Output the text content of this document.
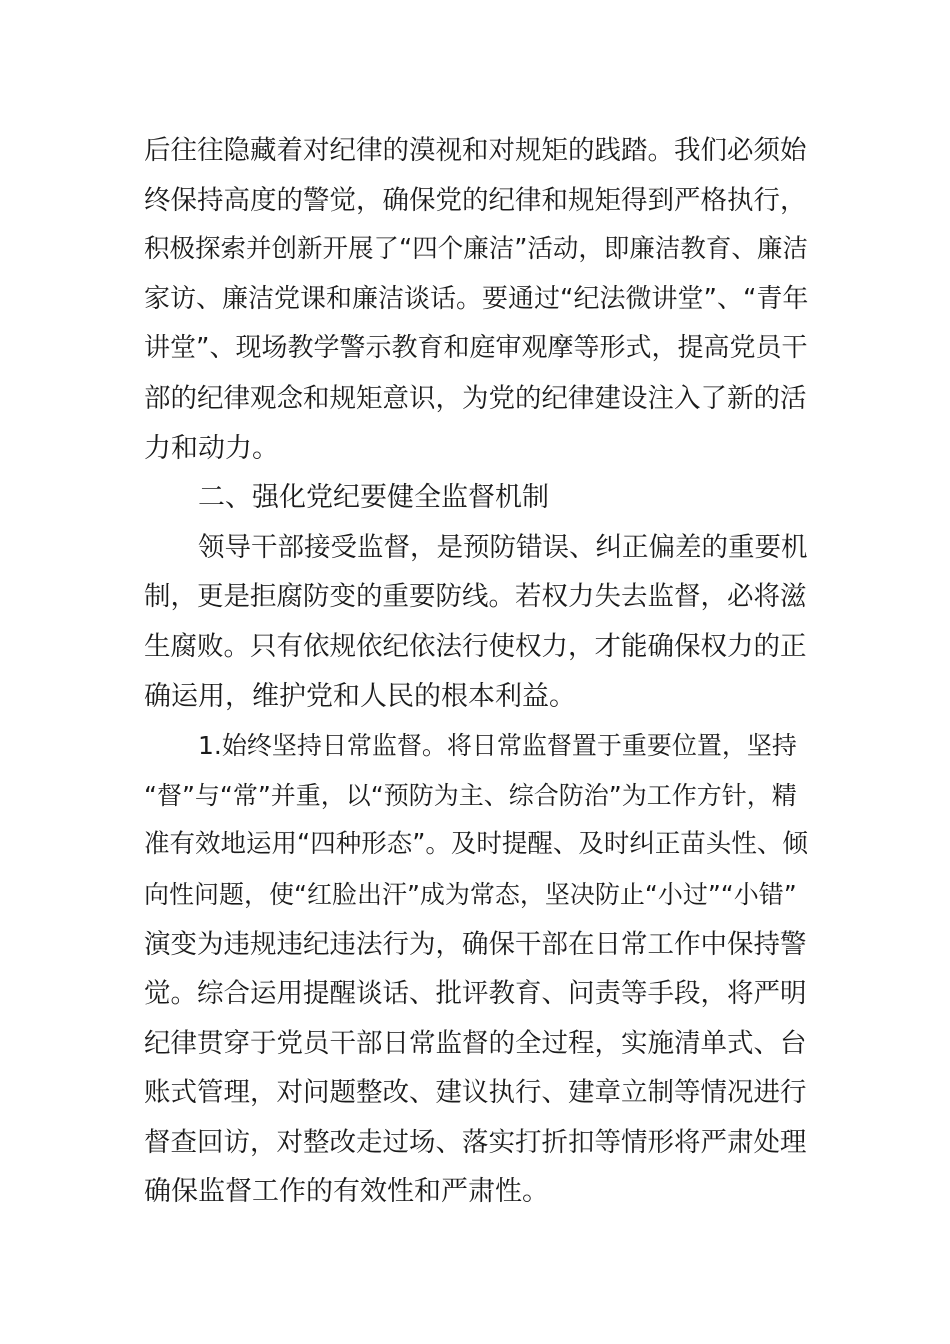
后往往隐藏着对纪律的漠视和对规矩的践踏。我们必须始
终保持高度的警觉，确保党的纪律和规矩得到严格执行，
积极探索并创新开展了“四个廉洁”活动，即廉洁教育、廉洁
家访、廉洁党课和廉洁谈话。要通过“纪法微讲堂”、“青年
讲堂”、现场教学警示教育和庭审观摩等形式，提高党员干
部的纪律观念和规矩意识，为党的纪律建设注入了新的活
力和动力。
二、强化党纪要健全监督机制
领导干部接受监督，是预防错误、纠正偏差的重要机
制，更是拒腐防变的重要防线。若权力失去监督，必将滋
生腐败。只有依规依纪依法行使权力，才能确保权力的正
确运用，维护党和人民的根本利益。
1.始终坚持日常监督。将日常监督置于重要位置，坚持
“督”与“常”并重，以“预防为主、综合防治”为工作方针，精
准有效地运用“四种形态”。及时提醒、及时纠正苗头性、倾
向性问题，使“红脸出汗”成为常态，坚决防止“小过”“小错”
演变为违规违纪违法行为，确保干部在日常工作中保持警
觉。综合运用提醒谈话、批评教育、问责等手段，将严明
纪律贯穿于党员干部日常监督的全过程，实施清单式、台
账式管理，对问题整改、建议执行、建章立制等情况进行
督查回访，对整改走过场、落实打折扣等情形将严肃处理
确保监督工作的有效性和严肃性。
